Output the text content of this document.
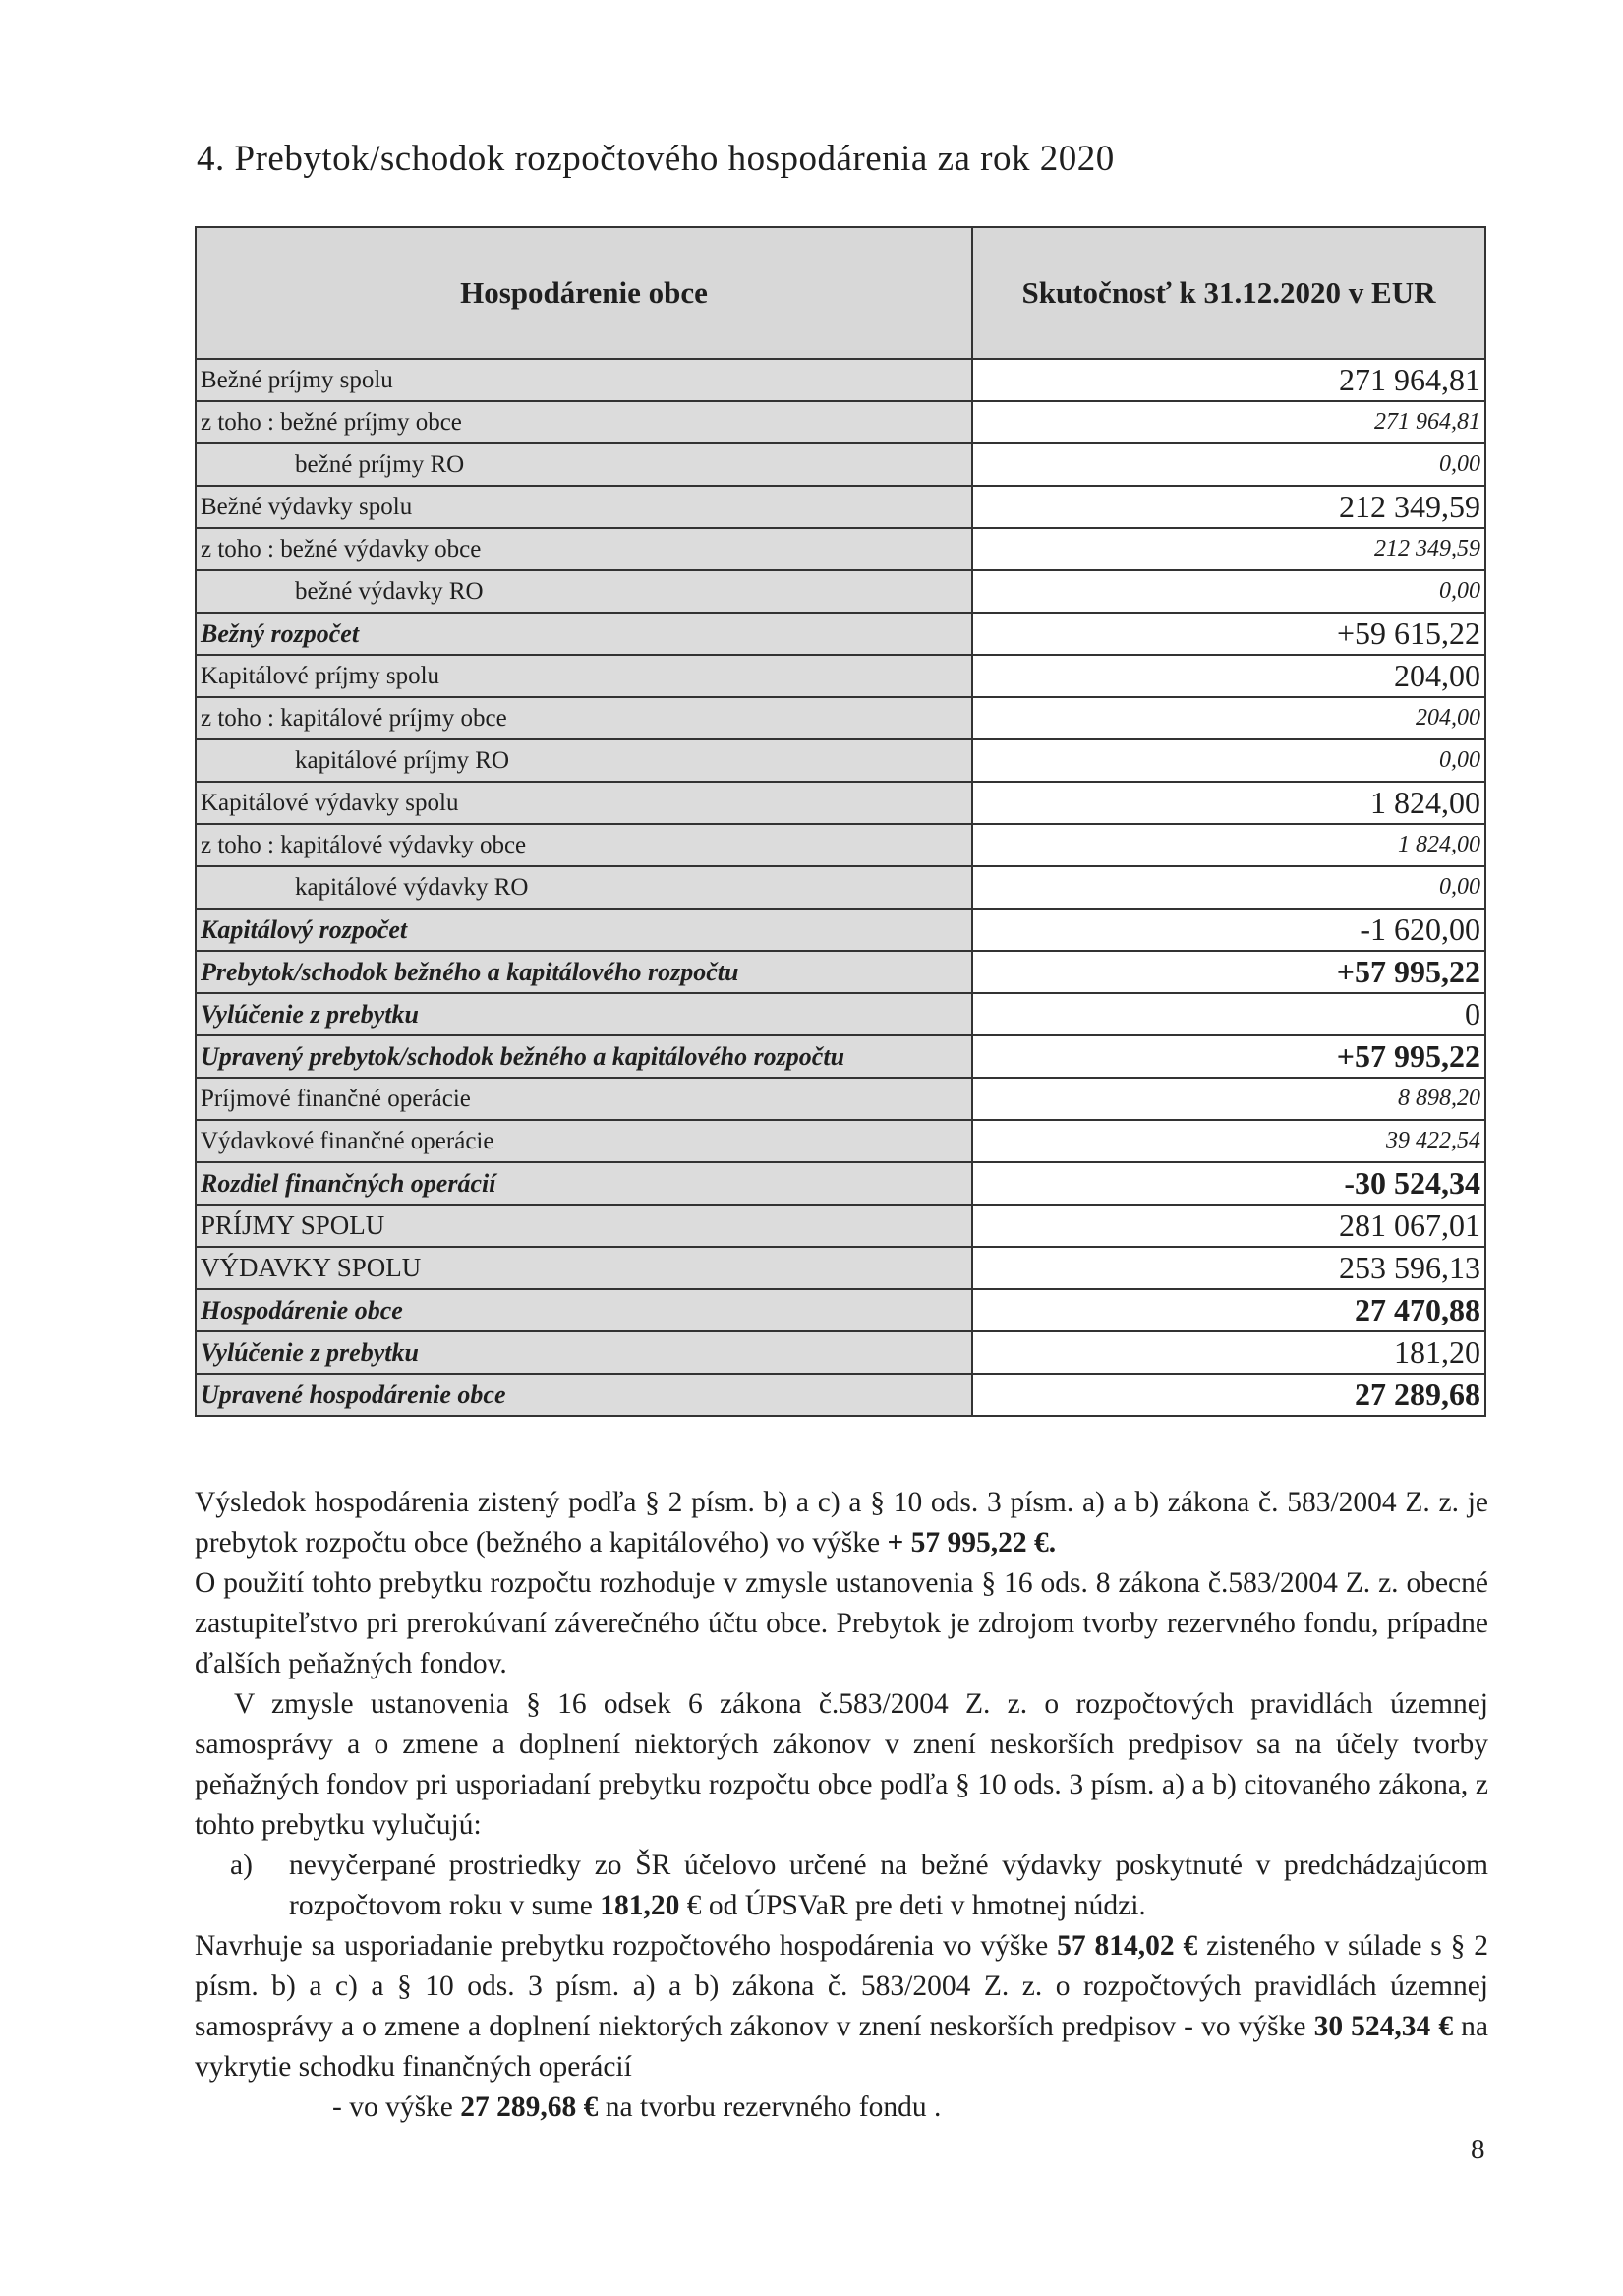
4. Prebytok/schodok rozpočtového hospodárenia za rok 2020
Hospodárenie obce	Skutočnosť k 31.12.2020 v EUR
Bežné príjmy spolu	271 964,81
z toho : bežné príjmy obce	271 964,81
bežné príjmy RO	0,00
Bežné výdavky spolu	212 349,59
z toho : bežné výdavky obce	212 349,59
bežné výdavky RO	0,00
Bežný rozpočet	+59 615,22
Kapitálové príjmy spolu	204,00
z toho : kapitálové príjmy obce	204,00
kapitálové príjmy RO	0,00
Kapitálové výdavky spolu	1 824,00
z toho : kapitálové výdavky obce	1 824,00
kapitálové výdavky RO	0,00
Kapitálový rozpočet	-1 620,00
Prebytok/schodok bežného a kapitálového rozpočtu	+57 995,22
Vylúčenie z prebytku	0
Upravený prebytok/schodok bežného a kapitálového rozpočtu	+57 995,22
Príjmové finančné operácie	8 898,20
Výdavkové finančné operácie	39 422,54
Rozdiel finančných operácií	-30 524,34
PRÍJMY SPOLU	281 067,01
VÝDAVKY SPOLU	253 596,13
Hospodárenie obce	27 470,88
Vylúčenie z prebytku	181,20
Upravené hospodárenie obce	27 289,68

Výsledok hospodárenia zistený podľa § 2 písm. b) a c) a § 10 ods. 3 písm. a) a b) zákona č. 583/2004 Z. z. je prebytok rozpočtu obce (bežného a kapitálového) vo výške + 57 995,22 €.

O použití tohto prebytku rozpočtu rozhoduje v zmysle ustanovenia § 16 ods. 8 zákona č.583/2004 Z. z. obecné zastupiteľstvo pri prerokúvaní záverečného účtu obce. Prebytok je zdrojom tvorby rezervného fondu, prípadne ďalších peňažných fondov.

V zmysle ustanovenia § 16 odsek 6 zákona č.583/2004 Z. z. o rozpočtových pravidlách územnej samosprávy a o zmene a doplnení niektorých zákonov v znení neskorších predpisov sa na účely tvorby peňažných fondov pri usporiadaní prebytku rozpočtu obce podľa § 10 ods. 3 písm. a) a b) citovaného zákona, z tohto prebytku vylučujú:

a)	nevyčerpané prostriedky zo ŠR účelovo určené na bežné výdavky poskytnuté v predchádzajúcom rozpočtovom roku v sume 181,20 € od ÚPSVaR pre deti v hmotnej núdzi.

Navrhuje sa usporiadanie prebytku rozpočtového hospodárenia vo výške 57 814,02 € zisteného v súlade s § 2 písm. b) a c) a § 10 ods. 3 písm. a) a b) zákona č. 583/2004 Z. z. o rozpočtových pravidlách územnej samosprávy a o zmene a doplnení niektorých zákonov v znení neskorších predpisov - vo výške 30 524,34 € na vykrytie schodku finančných operácií

- vo výške 27 289,68 € na tvorbu rezervného fondu .

8
